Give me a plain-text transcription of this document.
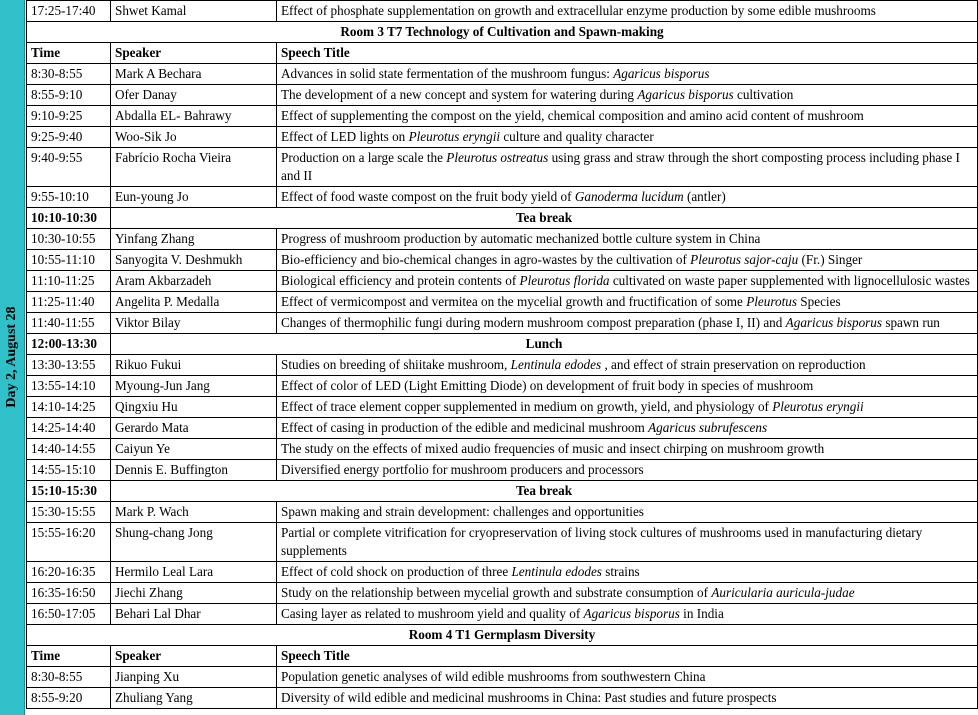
Day 2, August 28
17:25-17:40	Shwet Kamal	Effect of phosphate supplementation on growth and extracellular enzyme production by some edible mushrooms
Room 3 T7 Technology of Cultivation and Spawn-making		
Time	Speaker	Speech Title
8:30-8:55	Mark A Bechara	Advances in solid state fermentation of the mushroom fungus: Agaricus bisporus
8:55-9:10	Ofer Danay	The development of a new concept and system for watering during Agaricus bisporus cultivation
9:10-9:25	Abdalla EL- Bahrawy	Effect of supplementing the compost on the yield, chemical composition and amino acid content of mushroom
9:25-9:40	Woo-Sik Jo	Effect of LED lights on Pleurotus eryngii culture and quality character
9:40-9:55	Fabrício Rocha Vieira	Production on a large scale the Pleurotus ostreatus using grass and straw through the short composting process including phase I and II
9:55-10:10	Eun-young Jo	Effect of food waste compost on the fruit body yield of Ganoderma lucidum (antler)
10:10-10:30	Tea break	
10:30-10:55	Yinfang Zhang	Progress of mushroom production by automatic mechanized bottle culture system in China
10:55-11:10	Sanyogita V. Deshmukh	Bio-efficiency and bio-chemical changes in agro-wastes by the cultivation of Pleurotus sajor-caju (Fr.) Singer
11:10-11:25	Aram Akbarzadeh	Biological efficiency and protein contents of Pleurotus florida cultivated on waste paper supplemented with lignocellulosic wastes
11:25-11:40	Angelita P. Medalla	Effect of vermicompost and vermitea on the mycelial growth and fructification of some Pleurotus Species
11:40-11:55	Viktor Bilay	Changes of thermophilic fungi during modern mushroom compost preparation (phase I, II) and Agaricus bisporus spawn run
12:00-13:30	Lunch	
13:30-13:55	Rikuo Fukui	Studies on breeding of shiitake mushroom, Lentinula edodes , and effect of strain preservation on reproduction
13:55-14:10	Myoung-Jun Jang	Effect of color of LED (Light Emitting Diode) on development of fruit body in species of mushroom
14:10-14:25	Qingxiu Hu	Effect of trace element copper supplemented in medium on growth, yield, and physiology of Pleurotus eryngii
14:25-14:40	Gerardo Mata	Effect of casing in production of the edible and medicinal mushroom Agaricus subrufescens
14:40-14:55	Caiyun Ye	The study on the effects of mixed audio frequencies of music and insect chirping on mushroom growth
14:55-15:10	Dennis E. Buffington	Diversified energy portfolio for mushroom producers and processors
15:10-15:30	Tea break	
15:30-15:55	Mark P. Wach	Spawn making and strain development: challenges and opportunities
15:55-16:20	Shung-chang Jong	Partial or complete vitrification for cryopreservation of living stock cultures of mushrooms used in manufacturing dietary supplements
16:20-16:35	Hermilo Leal Lara	Effect of cold shock on production of three Lentinula edodes strains
16:35-16:50	Jiechi Zhang	Study on the relationship between mycelial growth and substrate consumption of Auricularia auricula-judae
16:50-17:05	Behari Lal Dhar	Casing layer as related to mushroom yield and quality of Agaricus bisporus in India
Room 4 T1 Germplasm Diversity		
Time	Speaker	Speech Title
8:30-8:55	Jianping Xu	Population genetic analyses of wild edible mushrooms from southwestern China
8:55-9:20	Zhuliang Yang	Diversity of wild edible and medicinal mushrooms in China: Past studies and future prospects
